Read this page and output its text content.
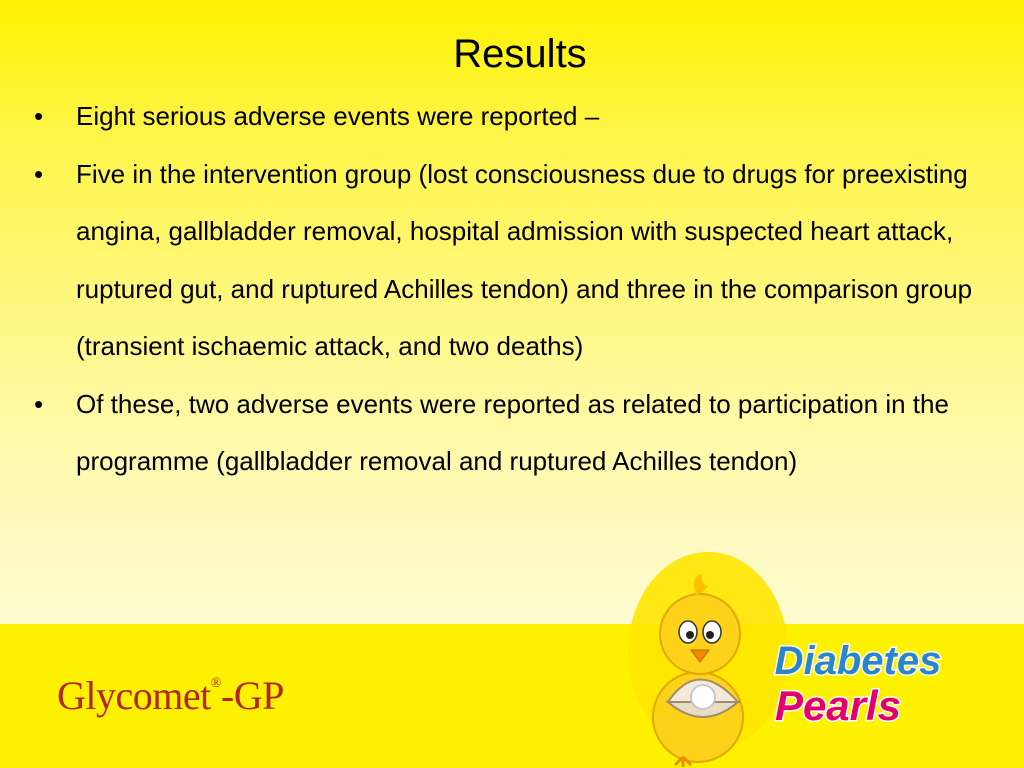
Results
• Eight serious adverse events were reported –
• Five in the intervention group (lost consciousness due to drugs for preexisting angina, gallbladder removal, hospital admission with suspected heart attack, ruptured gut, and ruptured Achilles tendon) and three in the comparison group (transient ischaemic attack, and two deaths)
• Of these, two adverse events were reported as related to participation in the programme (gallbladder removal and ruptured Achilles tendon)
Glycomet®-GP
Diabetes
Pearls
